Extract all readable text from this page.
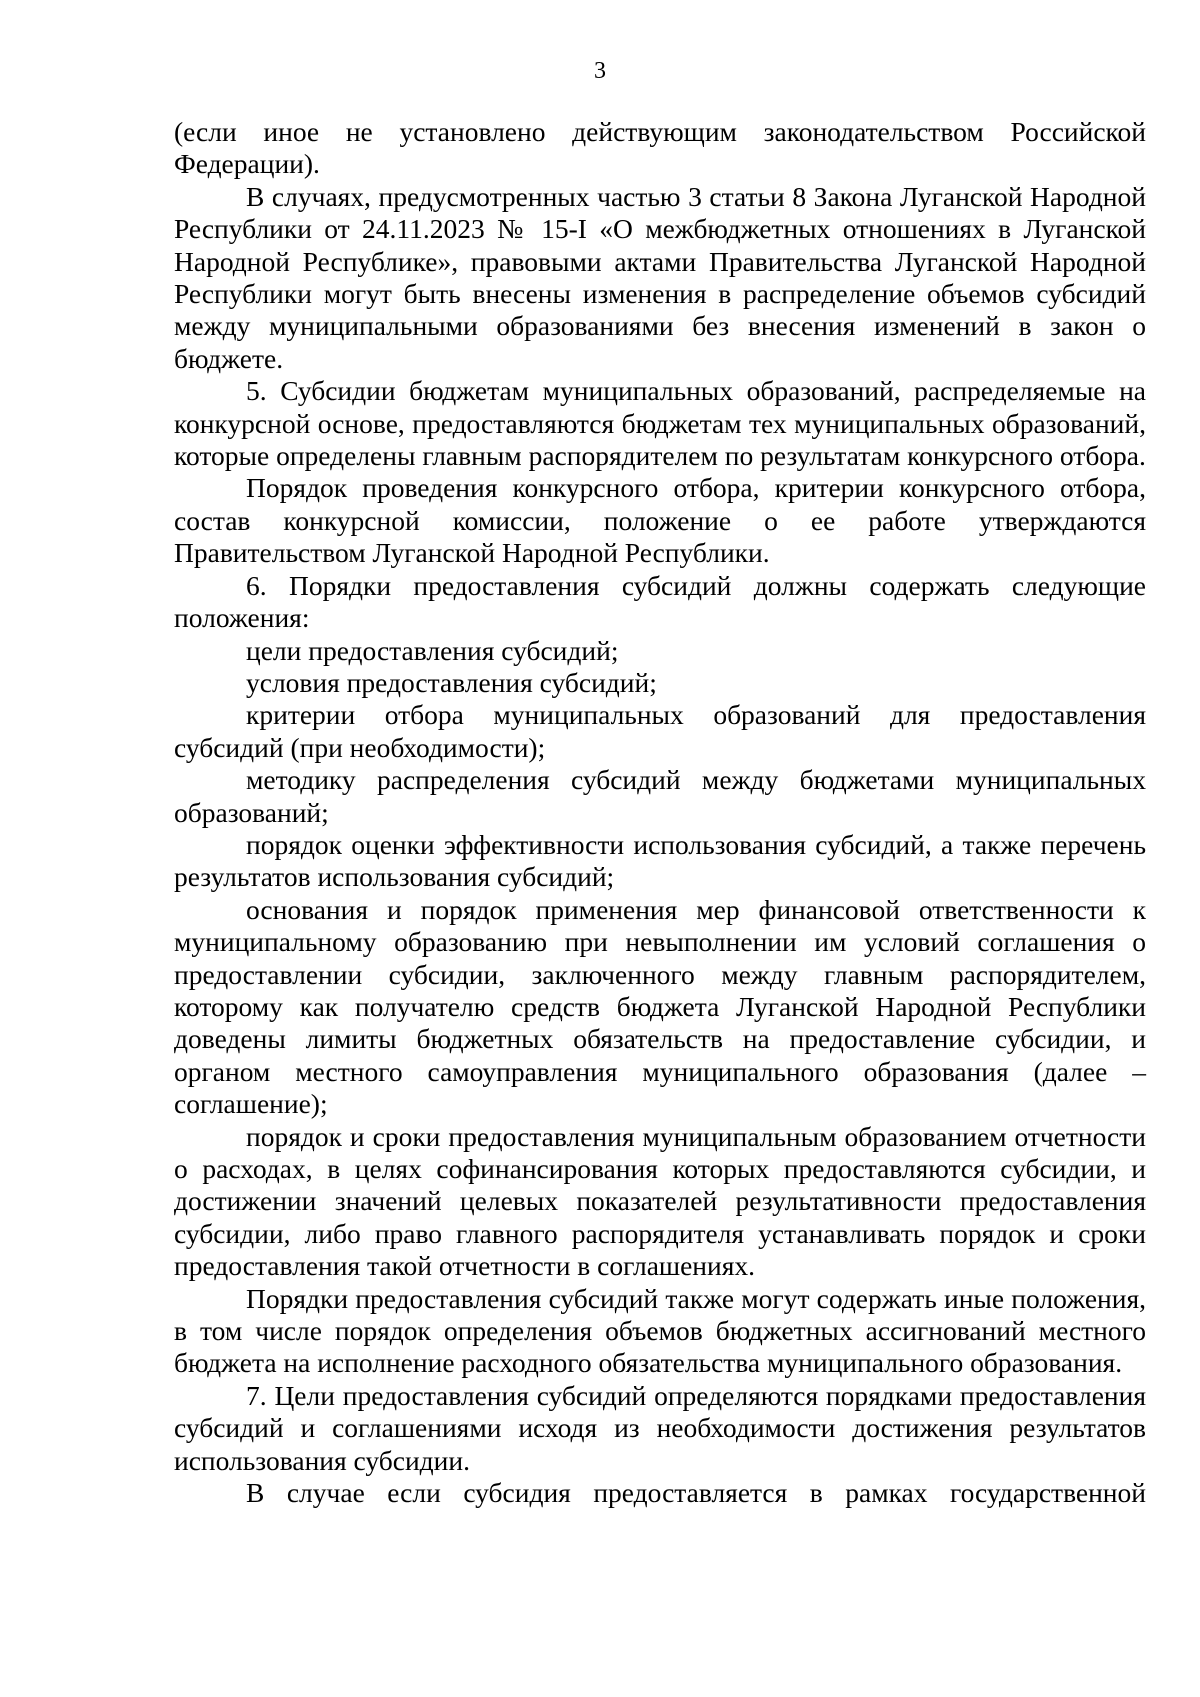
3

(если иное не установлено действующим законодательством Российской Федерации).

В случаях, предусмотренных частью 3 статьи 8 Закона Луганской Народной Республики от 24.11.2023 № 15-I «О межбюджетных отношениях в Луганской Народной Республике», правовыми актами Правительства Луганской Народной Республики могут быть внесены изменения в распределение объемов субсидий между муниципальными образованиями без внесения изменений в закон о бюджете.

5. Субсидии бюджетам муниципальных образований, распределяемые на конкурсной основе, предоставляются бюджетам тех муниципальных образований, которые определены главным распорядителем по результатам конкурсного отбора.

Порядок проведения конкурсного отбора, критерии конкурсного отбора, состав конкурсной комиссии, положение о ее работе утверждаются Правительством Луганской Народной Республики.

6. Порядки предоставления субсидий должны содержать следующие положения:

цели предоставления субсидий;

условия предоставления субсидий;

критерии отбора муниципальных образований для предоставления субсидий (при необходимости);

методику распределения субсидий между бюджетами муниципальных образований;

порядок оценки эффективности использования субсидий, а также перечень результатов использования субсидий;

основания и порядок применения мер финансовой ответственности к муниципальному образованию при невыполнении им условий соглашения о предоставлении субсидии, заключенного между главным распорядителем, которому как получателю средств бюджета Луганской Народной Республики доведены лимиты бюджетных обязательств на предоставление субсидии, и органом местного самоуправления муниципального образования (далее – соглашение);

порядок и сроки предоставления муниципальным образованием отчетности о расходах, в целях софинансирования которых предоставляются субсидии, и достижении значений целевых показателей результативности предоставления субсидии, либо право главного распорядителя устанавливать порядок и сроки предоставления такой отчетности в соглашениях.

Порядки предоставления субсидий также могут содержать иные положения, в том числе порядок определения объемов бюджетных ассигнований местного бюджета на исполнение расходного обязательства муниципального образования.

7. Цели предоставления субсидий определяются порядками предоставления субсидий и соглашениями исходя из необходимости достижения результатов использования субсидии.

В случае если субсидия предоставляется в рамках государственной
